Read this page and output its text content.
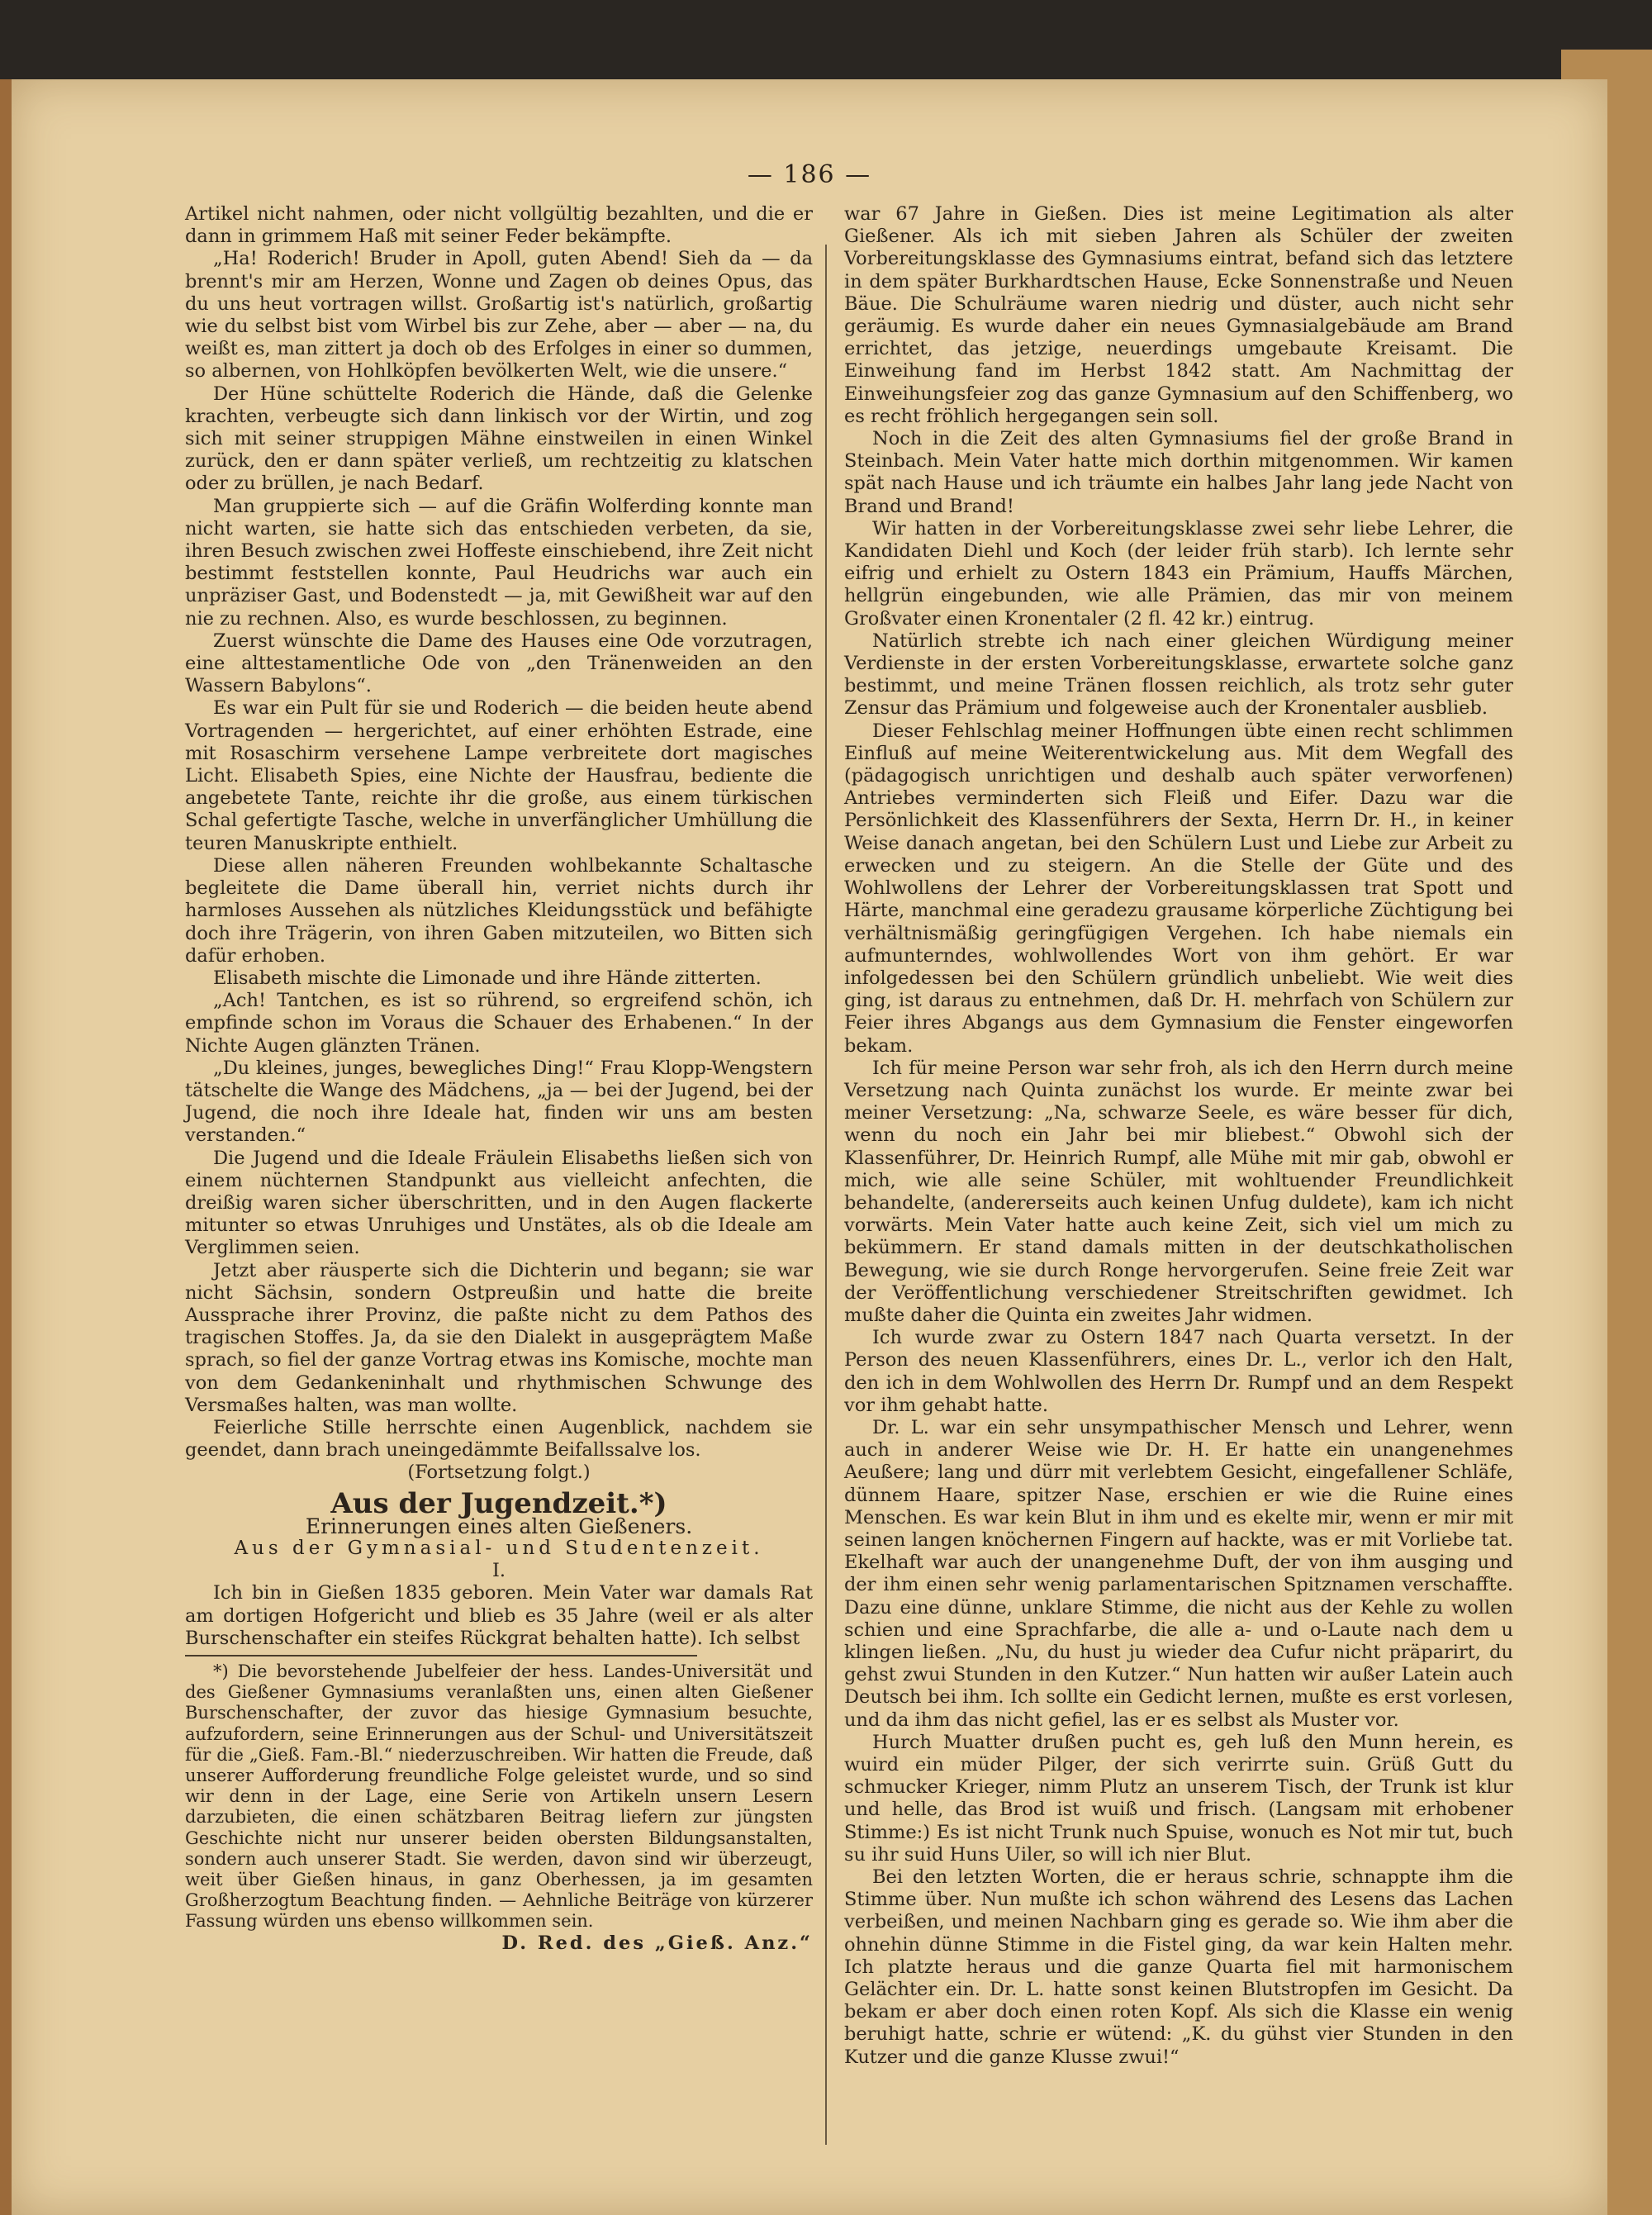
— 186 —

Artikel nicht nahmen, oder nicht vollgültig bezahlten, und die er dann in grimmem Haß mit seiner Feder bekämpfte.

„Ha! Roderich! Bruder in Apoll, guten Abend! Sieh da — da brennt's mir am Herzen, Wonne und Zagen ob deines Opus, das du uns heut vortragen willst. Großartig ist's natürlich, großartig wie du selbst bist vom Wirbel bis zur Zehe, aber — aber — na, du weißt es, man zittert ja doch ob des Erfolges in einer so dummen, so albernen, von Hohlköpfen bevölkerten Welt, wie die unsere.“

Der Hüne schüttelte Roderich die Hände, daß die Gelenke krachten, verbeugte sich dann linkisch vor der Wirtin, und zog sich mit seiner struppigen Mähne einstweilen in einen Winkel zurück, den er dann später verließ, um rechtzeitig zu klatschen oder zu brüllen, je nach Bedarf.

Man gruppierte sich — auf die Gräfin Wolferding konnte man nicht warten, sie hatte sich das entschieden verbeten, da sie, ihren Besuch zwischen zwei Hoffeste einschiebend, ihre Zeit nicht bestimmt feststellen konnte, Paul Heudrichs war auch ein unpräziser Gast, und Bodenstedt — ja, mit Gewißheit war auf den nie zu rechnen. Also, es wurde beschlossen, zu beginnen.

Zuerst wünschte die Dame des Hauses eine Ode vorzutragen, eine alttestamentliche Ode von „den Tränenweiden an den Wassern Babylons“.

Es war ein Pult für sie und Roderich — die beiden heute abend Vortragenden — hergerichtet, auf einer erhöhten Estrade, eine mit Rosaschirm versehene Lampe verbreitete dort magisches Licht. Elisabeth Spies, eine Nichte der Hausfrau, bediente die angebetete Tante, reichte ihr die große, aus einem türkischen Schal gefertigte Tasche, welche in unverfänglicher Umhüllung die teuren Manuskripte enthielt.

Diese allen näheren Freunden wohlbekannte Schaltasche begleitete die Dame überall hin, verriet nichts durch ihr harmloses Aussehen als nützliches Kleidungsstück und befähigte doch ihre Trägerin, von ihren Gaben mitzuteilen, wo Bitten sich dafür erhoben.

Elisabeth mischte die Limonade und ihre Hände zitterten.

„Ach! Tantchen, es ist so rührend, so ergreifend schön, ich empfinde schon im Voraus die Schauer des Erhabenen.“ In der Nichte Augen glänzten Tränen.

„Du kleines, junges, bewegliches Ding!“ Frau Klopp-Wengstern tätschelte die Wange des Mädchens, „ja — bei der Jugend, bei der Jugend, die noch ihre Ideale hat, finden wir uns am besten verstanden.“

Die Jugend und die Ideale Fräulein Elisabeths ließen sich von einem nüchternen Standpunkt aus vielleicht anfechten, die dreißig waren sicher überschritten, und in den Augen flackerte mitunter so etwas Unruhiges und Unstätes, als ob die Ideale am Verglimmen seien.

Jetzt aber räusperte sich die Dichterin und begann; sie war nicht Sächsin, sondern Ostpreußin und hatte die breite Aussprache ihrer Provinz, die paßte nicht zu dem Pathos des tragischen Stoffes. Ja, da sie den Dialekt in ausgeprägtem Maße sprach, so fiel der ganze Vortrag etwas ins Komische, mochte man von dem Gedankeninhalt und rhythmischen Schwunge des Versmaßes halten, was man wollte.

Feierliche Stille herrschte einen Augenblick, nachdem sie geendet, dann brach uneingedämmte Beifallssalve los.

(Fortsetzung folgt.)

Aus der Jugendzeit.*)

Erinnerungen eines alten Gießeners.

Aus der Gymnasial- und Studentenzeit.

I.

Ich bin in Gießen 1835 geboren. Mein Vater war damals Rat am dortigen Hofgericht und blieb es 35 Jahre (weil er als alter Burschenschafter ein steifes Rückgrat behalten hatte). Ich selbst

*) Die bevorstehende Jubelfeier der hess. Landes-Universität und des Gießener Gymnasiums veranlaßten uns, einen alten Gießener Burschenschafter, der zuvor das hiesige Gymnasium besuchte, aufzufordern, seine Erinnerungen aus der Schul- und Universitätszeit für die „Gieß. Fam.-Bl.“ niederzuschreiben. Wir hatten die Freude, daß unserer Aufforderung freundliche Folge geleistet wurde, und so sind wir denn in der Lage, eine Serie von Artikeln unsern Lesern darzubieten, die einen schätzbaren Beitrag liefern zur jüngsten Geschichte nicht nur unserer beiden obersten Bildungsanstalten, sondern auch unserer Stadt. Sie werden, davon sind wir überzeugt, weit über Gießen hinaus, in ganz Oberhessen, ja im gesamten Großherzogtum Beachtung finden. — Aehnliche Beiträge von kürzerer Fassung würden uns ebenso willkommen sein.

D. Red. des „Gieß. Anz.“

war 67 Jahre in Gießen. Dies ist meine Legitimation als alter Gießener. Als ich mit sieben Jahren als Schüler der zweiten Vorbereitungsklasse des Gymnasiums eintrat, befand sich das letztere in dem später Burkhardtschen Hause, Ecke Sonnenstraße und Neuen Bäue. Die Schulräume waren niedrig und düster, auch nicht sehr geräumig. Es wurde daher ein neues Gymnasialgebäude am Brand errichtet, das jetzige, neuerdings umgebaute Kreisamt. Die Einweihung fand im Herbst 1842 statt. Am Nachmittag der Einweihungsfeier zog das ganze Gymnasium auf den Schiffenberg, wo es recht fröhlich hergegangen sein soll.

Noch in die Zeit des alten Gymnasiums fiel der große Brand in Steinbach. Mein Vater hatte mich dorthin mitgenommen. Wir kamen spät nach Hause und ich träumte ein halbes Jahr lang jede Nacht von Brand und Brand!

Wir hatten in der Vorbereitungsklasse zwei sehr liebe Lehrer, die Kandidaten Diehl und Koch (der leider früh starb). Ich lernte sehr eifrig und erhielt zu Ostern 1843 ein Prämium, Hauffs Märchen, hellgrün eingebunden, wie alle Prämien, das mir von meinem Großvater einen Kronentaler (2 fl. 42 kr.) eintrug.

Natürlich strebte ich nach einer gleichen Würdigung meiner Verdienste in der ersten Vorbereitungsklasse, erwartete solche ganz bestimmt, und meine Tränen flossen reichlich, als trotz sehr guter Zensur das Prämium und folgeweise auch der Kronentaler ausblieb.

Dieser Fehlschlag meiner Hoffnungen übte einen recht schlimmen Einfluß auf meine Weiterentwickelung aus. Mit dem Wegfall des (pädagogisch unrichtigen und deshalb auch später verworfenen) Antriebes verminderten sich Fleiß und Eifer. Dazu war die Persönlichkeit des Klassenführers der Sexta, Herrn Dr. H., in keiner Weise danach angetan, bei den Schülern Lust und Liebe zur Arbeit zu erwecken und zu steigern. An die Stelle der Güte und des Wohlwollens der Lehrer der Vorbereitungsklassen trat Spott und Härte, manchmal eine geradezu grausame körperliche Züchtigung bei verhältnismäßig geringfügigen Vergehen. Ich habe niemals ein aufmunterndes, wohlwollendes Wort von ihm gehört. Er war infolgedessen bei den Schülern gründlich unbeliebt. Wie weit dies ging, ist daraus zu entnehmen, daß Dr. H. mehrfach von Schülern zur Feier ihres Abgangs aus dem Gymnasium die Fenster eingeworfen bekam.

Ich für meine Person war sehr froh, als ich den Herrn durch meine Versetzung nach Quinta zunächst los wurde. Er meinte zwar bei meiner Versetzung: „Na, schwarze Seele, es wäre besser für dich, wenn du noch ein Jahr bei mir bliebest.“ Obwohl sich der Klassenführer, Dr. Heinrich Rumpf, alle Mühe mit mir gab, obwohl er mich, wie alle seine Schüler, mit wohltuender Freundlichkeit behandelte, (andererseits auch keinen Unfug duldete), kam ich nicht vorwärts. Mein Vater hatte auch keine Zeit, sich viel um mich zu bekümmern. Er stand damals mitten in der deutschkatholischen Bewegung, wie sie durch Ronge hervorgerufen. Seine freie Zeit war der Veröffentlichung verschiedener Streitschriften gewidmet. Ich mußte daher die Quinta ein zweites Jahr widmen.

Ich wurde zwar zu Ostern 1847 nach Quarta versetzt. In der Person des neuen Klassenführers, eines Dr. L., verlor ich den Halt, den ich in dem Wohlwollen des Herrn Dr. Rumpf und an dem Respekt vor ihm gehabt hatte.

Dr. L. war ein sehr unsympathischer Mensch und Lehrer, wenn auch in anderer Weise wie Dr. H. Er hatte ein unangenehmes Aeußere; lang und dürr mit verlebtem Gesicht, eingefallener Schläfe, dünnem Haare, spitzer Nase, erschien er wie die Ruine eines Menschen. Es war kein Blut in ihm und es ekelte mir, wenn er mir mit seinen langen knöchernen Fingern auf hackte, was er mit Vorliebe tat. Ekelhaft war auch der unangenehme Duft, der von ihm ausging und der ihm einen sehr wenig parlamentarischen Spitznamen verschaffte. Dazu eine dünne, unklare Stimme, die nicht aus der Kehle zu wollen schien und eine Sprachfarbe, die alle a- und o-Laute nach dem u klingen ließen. „Nu, du hust ju wieder dea Cufur nicht präparirt, du gehst zwui Stunden in den Kutzer.“ Nun hatten wir außer Latein auch Deutsch bei ihm. Ich sollte ein Gedicht lernen, mußte es erst vorlesen, und da ihm das nicht gefiel, las er es selbst als Muster vor.

Hurch Muatter drußen pucht es, geh luß den Munn herein, es wuird ein müder Pilger, der sich verirrte suin. Grüß Gutt du schmucker Krieger, nimm Plutz an unserem Tisch, der Trunk ist klur und helle, das Brod ist wuiß und frisch. (Langsam mit erhobener Stimme:) Es ist nicht Trunk nuch Spuise, wonuch es Not mir tut, buch su ihr suid Huns Uiler, so will ich nier Blut.

Bei den letzten Worten, die er heraus schrie, schnappte ihm die Stimme über. Nun mußte ich schon während des Lesens das Lachen verbeißen, und meinen Nachbarn ging es gerade so. Wie ihm aber die ohnehin dünne Stimme in die Fistel ging, da war kein Halten mehr. Ich platzte heraus und die ganze Quarta fiel mit harmonischem Gelächter ein. Dr. L. hatte sonst keinen Blutstropfen im Gesicht. Da bekam er aber doch einen roten Kopf. Als sich die Klasse ein wenig beruhigt hatte, schrie er wütend: „K. du gühst vier Stunden in den Kutzer und die ganze Klusse zwui!“
